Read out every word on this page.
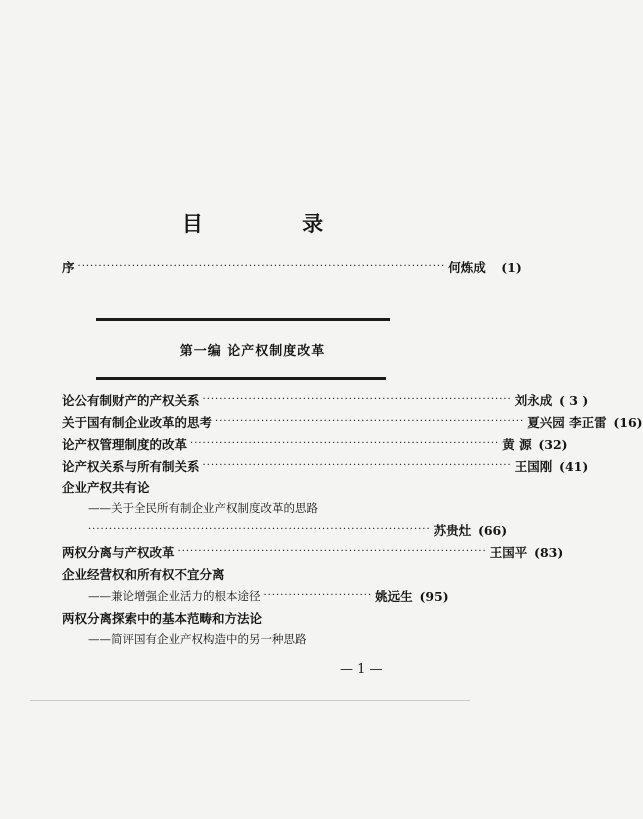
目 录
序 ························································································ 何炼成	(1)
第一编 论产权制度改革
论公有制财产的产权关系 ·········································································· 刘永成 ( 3 )
关于国有制企业改革的思考 ·········································································· 夏兴园 李正雷 (16)
论产权管理制度的改革 ·········································································· 黄 源 (32)
论产权关系与所有制关系 ·········································································· 王国刚 (41)
企业产权共有论
——关于全民所有制企业产权制度改革的思路
·················································································· 苏贵灶 (66)
两权分离与产权改革 ·········································································· 王国平 (83)
企业经营权和所有权不宜分离
——兼论增强企业活力的根本途径 ·························· 姚远生 (95)
两权分离探索中的基本范畴和方法论
——简评国有企业产权构造中的另一种思路
— 1 —
